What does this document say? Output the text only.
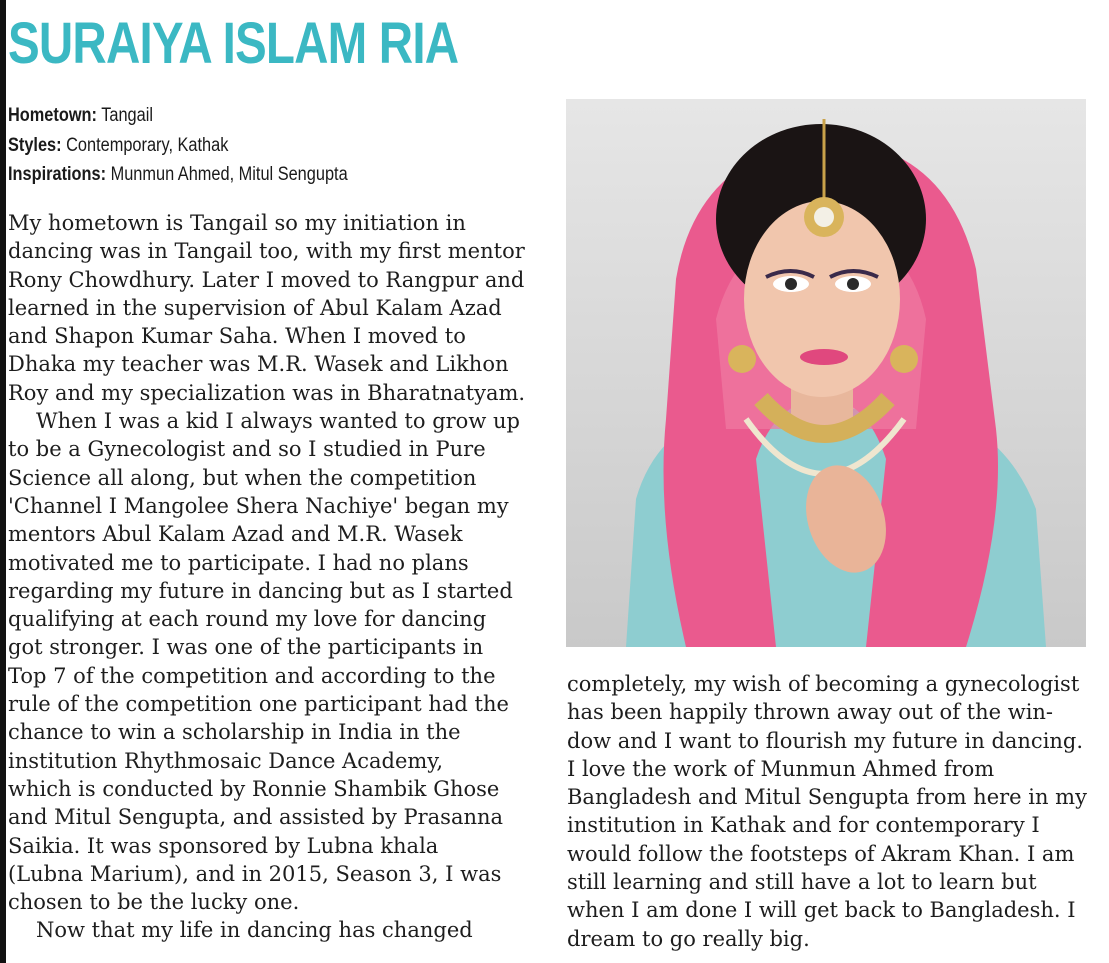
SURAIYA ISLAM RIA
Hometown: Tangail
Styles: Contemporary, Kathak
Inspirations: Munmun Ahmed, Mitul Sengupta
My hometown is Tangail so my initiation in
dancing was in Tangail too, with my first mentor
Rony Chowdhury. Later I moved to Rangpur and
learned in the supervision of Abul Kalam Azad
and Shapon Kumar Saha. When I moved to
Dhaka my teacher was M.R. Wasek and Likhon
Roy and my specialization was in Bharatnatyam.
When I was a kid I always wanted to grow up
to be a Gynecologist and so I studied in Pure
Science all along, but when the competition
'Channel I Mangolee Shera Nachiye' began my
mentors Abul Kalam Azad and M.R. Wasek
motivated me to participate. I had no plans
regarding my future in dancing but as I started
qualifying at each round my love for dancing
got stronger. I was one of the participants in
Top 7 of the competition and according to the
rule of the competition one participant had the
chance to win a scholarship in India in the
institution Rhythmosaic Dance Academy,
which is conducted by Ronnie Shambik Ghose
and Mitul Sengupta, and assisted by Prasanna
Saikia. It was sponsored by Lubna khala
(Lubna Marium), and in 2015, Season 3, I was
chosen to be the lucky one.
Now that my life in dancing has changed
completely, my wish of becoming a gynecologist
has been happily thrown away out of the win-
dow and I want to flourish my future in dancing.
I love the work of Munmun Ahmed from
Bangladesh and Mitul Sengupta from here in my
institution in Kathak and for contemporary I
would follow the footsteps of Akram Khan. I am
still learning and still have a lot to learn but
when I am done I will get back to Bangladesh. I
dream to go really big.
